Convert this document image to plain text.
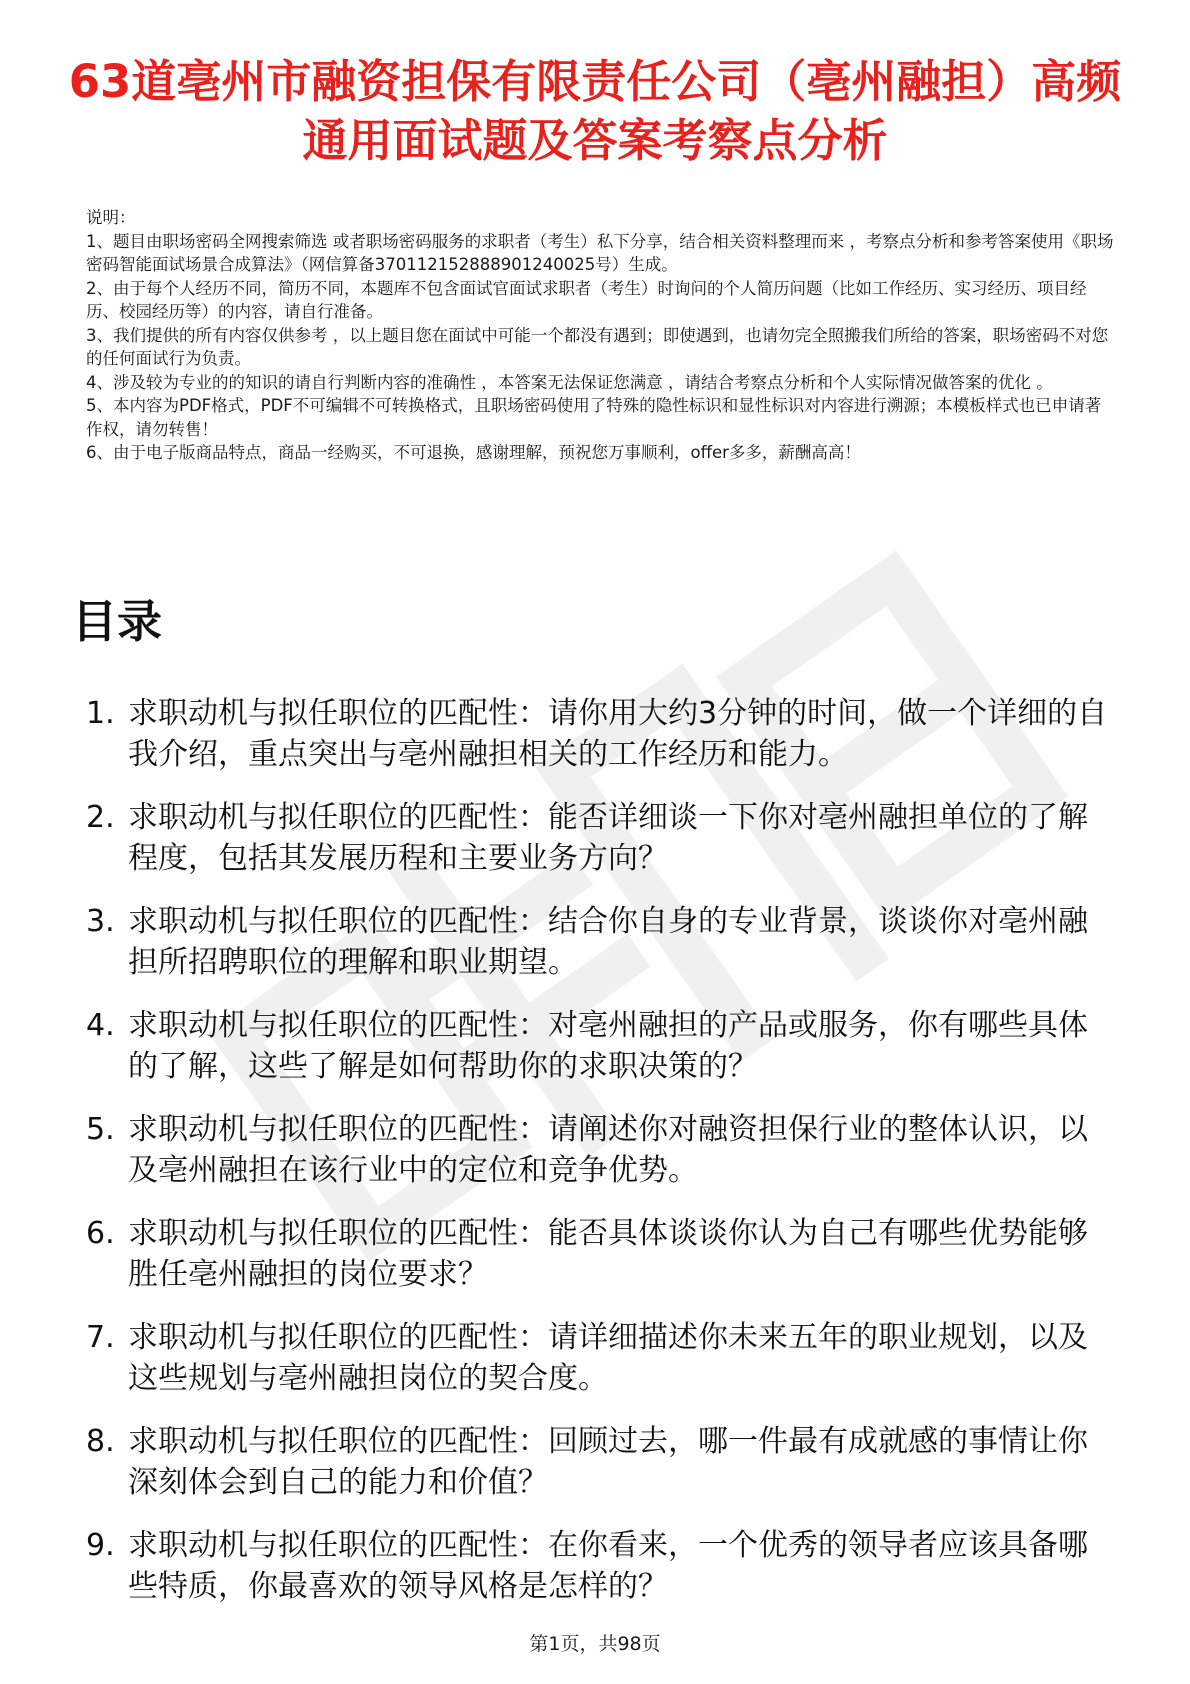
63道亳州市融资担保有限责任公司（亳州融担）高频通用面试题及答案考察点分析
说明：
1、题目由职场密码全网搜索筛选 或者职场密码服务的求职者（考生）私下分享，结合相关资料整理而来 ，考察点分析和参考答案使用《职场密码智能面试场景合成算法》（网信算备370112152888901240025号）生成。
2、由于每个人经历不同，简历不同，本题库不包含面试官面试求职者（考生）时询问的个人简历问题（比如工作经历、实习经历、项目经历、校园经历等）的内容，请自行准备。
3、我们提供的所有内容仅供参考 ，以上题目您在面试中可能一个都没有遇到；即使遇到，也请勿完全照搬我们所给的答案，职场密码不对您的任何面试行为负责。
4、涉及较为专业的的知识的请自行判断内容的准确性 ，本答案无法保证您满意 ，请结合考察点分析和个人实际情况做答案的优化 。
5、本内容为PDF格式，PDF不可编辑不可转换格式，且职场密码使用了特殊的隐性标识和显性标识对内容进行溯源；本模板样式也已申请著作权，请勿转售！
6、由于电子版商品特点，商品一经购买，不可退换，感谢理解，预祝您万事顺利，offer多多，薪酬高高！
目录
1. 求职动机与拟任职位的匹配性：请你用大约3分钟的时间，做一个详细的自我介绍，重点突出与亳州融担相关的工作经历和能力。
2. 求职动机与拟任职位的匹配性：能否详细谈一下你对亳州融担单位的了解程度，包括其发展历程和主要业务方向？
3. 求职动机与拟任职位的匹配性：结合你自身的专业背景，谈谈你对亳州融担所招聘职位的理解和职业期望。
4. 求职动机与拟任职位的匹配性：对亳州融担的产品或服务，你有哪些具体的了解，这些了解是如何帮助你的求职决策的？
5. 求职动机与拟任职位的匹配性：请阐述你对融资担保行业的整体认识，以及亳州融担在该行业中的定位和竞争优势。
6. 求职动机与拟任职位的匹配性：能否具体谈谈你认为自己有哪些优势能够胜任亳州融担的岗位要求？
7. 求职动机与拟任职位的匹配性：请详细描述你未来五年的职业规划，以及这些规划与亳州融担岗位的契合度。
8. 求职动机与拟任职位的匹配性：回顾过去，哪一件最有成就感的事情让你深刻体会到自己的能力和价值？
9. 求职动机与拟任职位的匹配性：在你看来，一个优秀的领导者应该具备哪些特质，你最喜欢的领导风格是怎样的？
第1页，共98页
